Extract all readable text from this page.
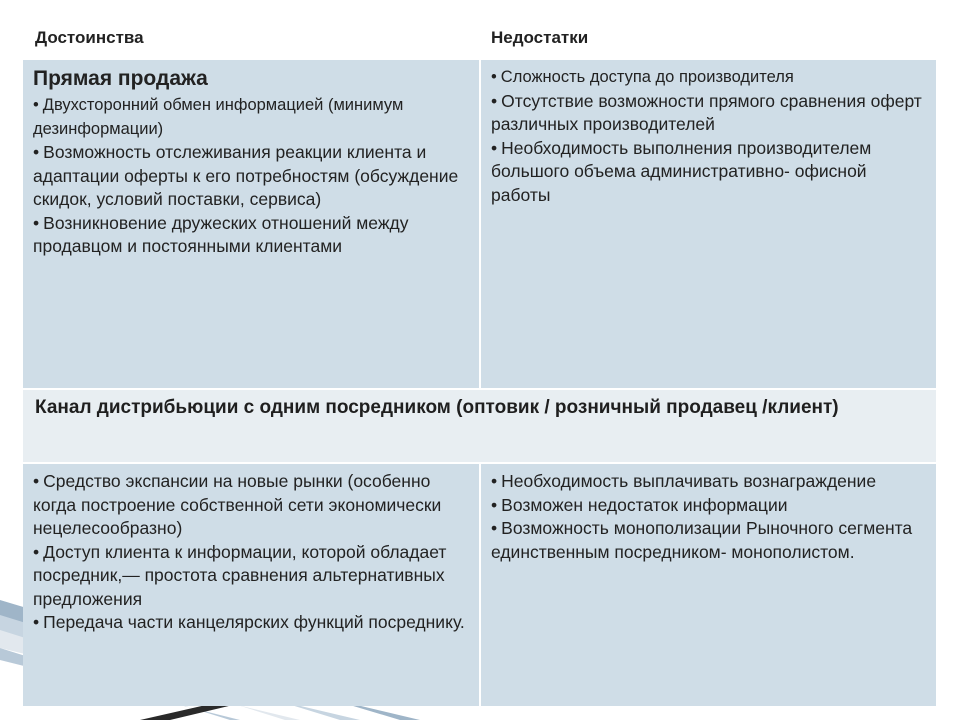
Достоинства	Недостатки
Прямая продажа
• Двухсторонний обмен информацией (минимум дезинформации)
• Возможность отслеживания реакции клиента и адаптации оферты к его потребностям (обсуждение скидок, условий поставки, сервиса)
• Возникновение дружеских отношений между продавцом и постоянными клиентами
• Сложность доступа до производителя
• Отсутствие возможности прямого сравнения оферт различных производителей
• Необходимость выполнения производителем большого объема административно- офисной работы
Канал дистрибьюции с одним посредником (оптовик / розничный продавец /клиент)
• Средство экспансии на новые рынки (особенно когда построение собственной сети экономически нецелесообразно)
• Доступ клиента к информации, которой обладает посредник,— простота сравнения альтернативных предложения
• Передача части канцелярских функций посреднику.
• Необходимость выплачивать вознаграждение
• Возможен недостаток информации
• Возможность монополизации Рыночного сегмента единственным посредником- монополистом.
